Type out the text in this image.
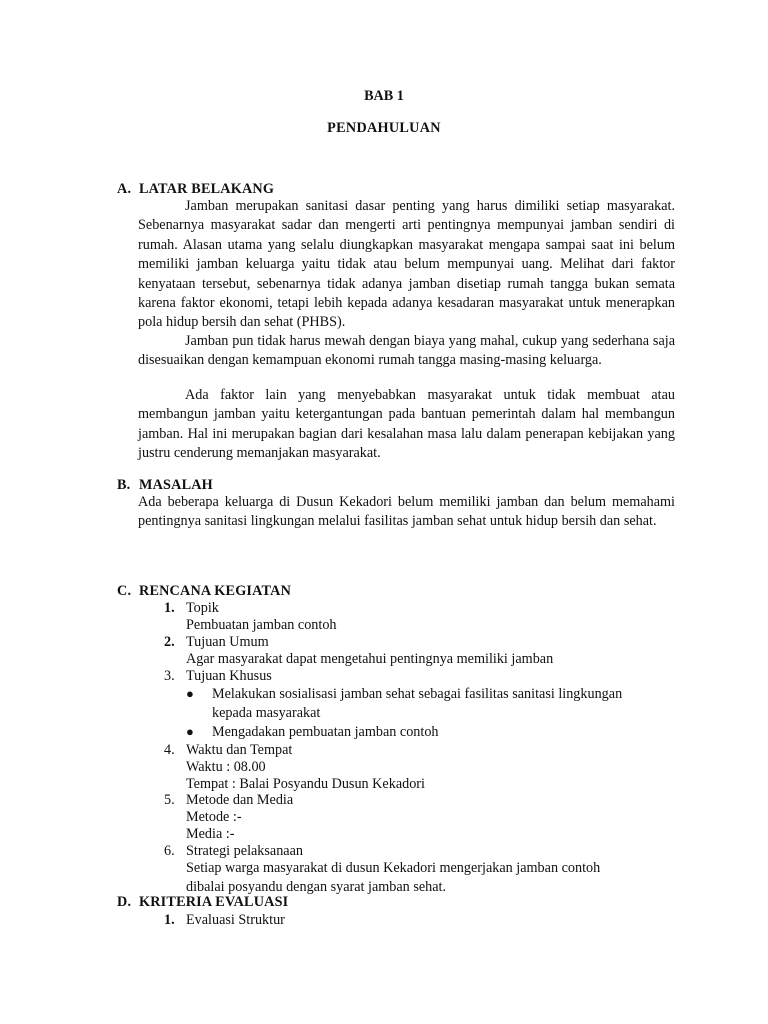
BAB 1
PENDAHULUAN
A. LATAR BELAKANG

Jamban merupakan sanitasi dasar penting yang harus dimiliki setiap masyarakat. Sebenarnya masyarakat sadar dan mengerti arti pentingnya mempunyai jamban sendiri di rumah. Alasan utama yang selalu diungkapkan masyarakat mengapa sampai saat ini belum memiliki jamban keluarga yaitu tidak atau belum mempunyai uang. Melihat dari faktor kenyataan tersebut, sebenarnya tidak adanya jamban disetiap rumah tangga bukan semata karena faktor ekonomi, tetapi lebih kepada adanya kesadaran masyarakat untuk menerapkan pola hidup bersih dan sehat (PHBS).

Jamban pun tidak harus mewah dengan biaya yang mahal, cukup yang sederhana saja disesuaikan dengan kemampuan ekonomi rumah tangga masing-masing keluarga.

Ada faktor lain yang menyebabkan masyarakat untuk tidak membuat atau membangun jamban yaitu ketergantungan pada bantuan pemerintah dalam hal membangun jamban. Hal ini merupakan bagian dari kesalahan masa lalu dalam penerapan kebijakan yang justru cenderung memanjakan masyarakat.

B. MASALAH

Ada beberapa keluarga di Dusun Kekadori belum memiliki jamban dan belum memahami pentingnya sanitasi lingkungan melalui fasilitas jamban sehat untuk hidup bersih dan sehat.

C. RENCANA KEGIATAN
1. Topik
Pembuatan jamban contoh
2. Tujuan Umum
Agar masyarakat dapat mengetahui pentingnya memiliki jamban
3. Tujuan Khusus
● Melakukan sosialisasi jamban sehat sebagai fasilitas sanitasi lingkungan
kepada masyarakat
● Mengadakan pembuatan jamban contoh
4. Waktu dan Tempat
Waktu : 08.00
Tempat : Balai Posyandu Dusun Kekadori
5. Metode dan Media
Metode :-
Media :-
6. Strategi pelaksanaan
Setiap warga masyarakat di dusun Kekadori mengerjakan jamban contoh
dibalai posyandu dengan syarat jamban sehat.
D. KRITERIA EVALUASI
1. Evaluasi Struktur
